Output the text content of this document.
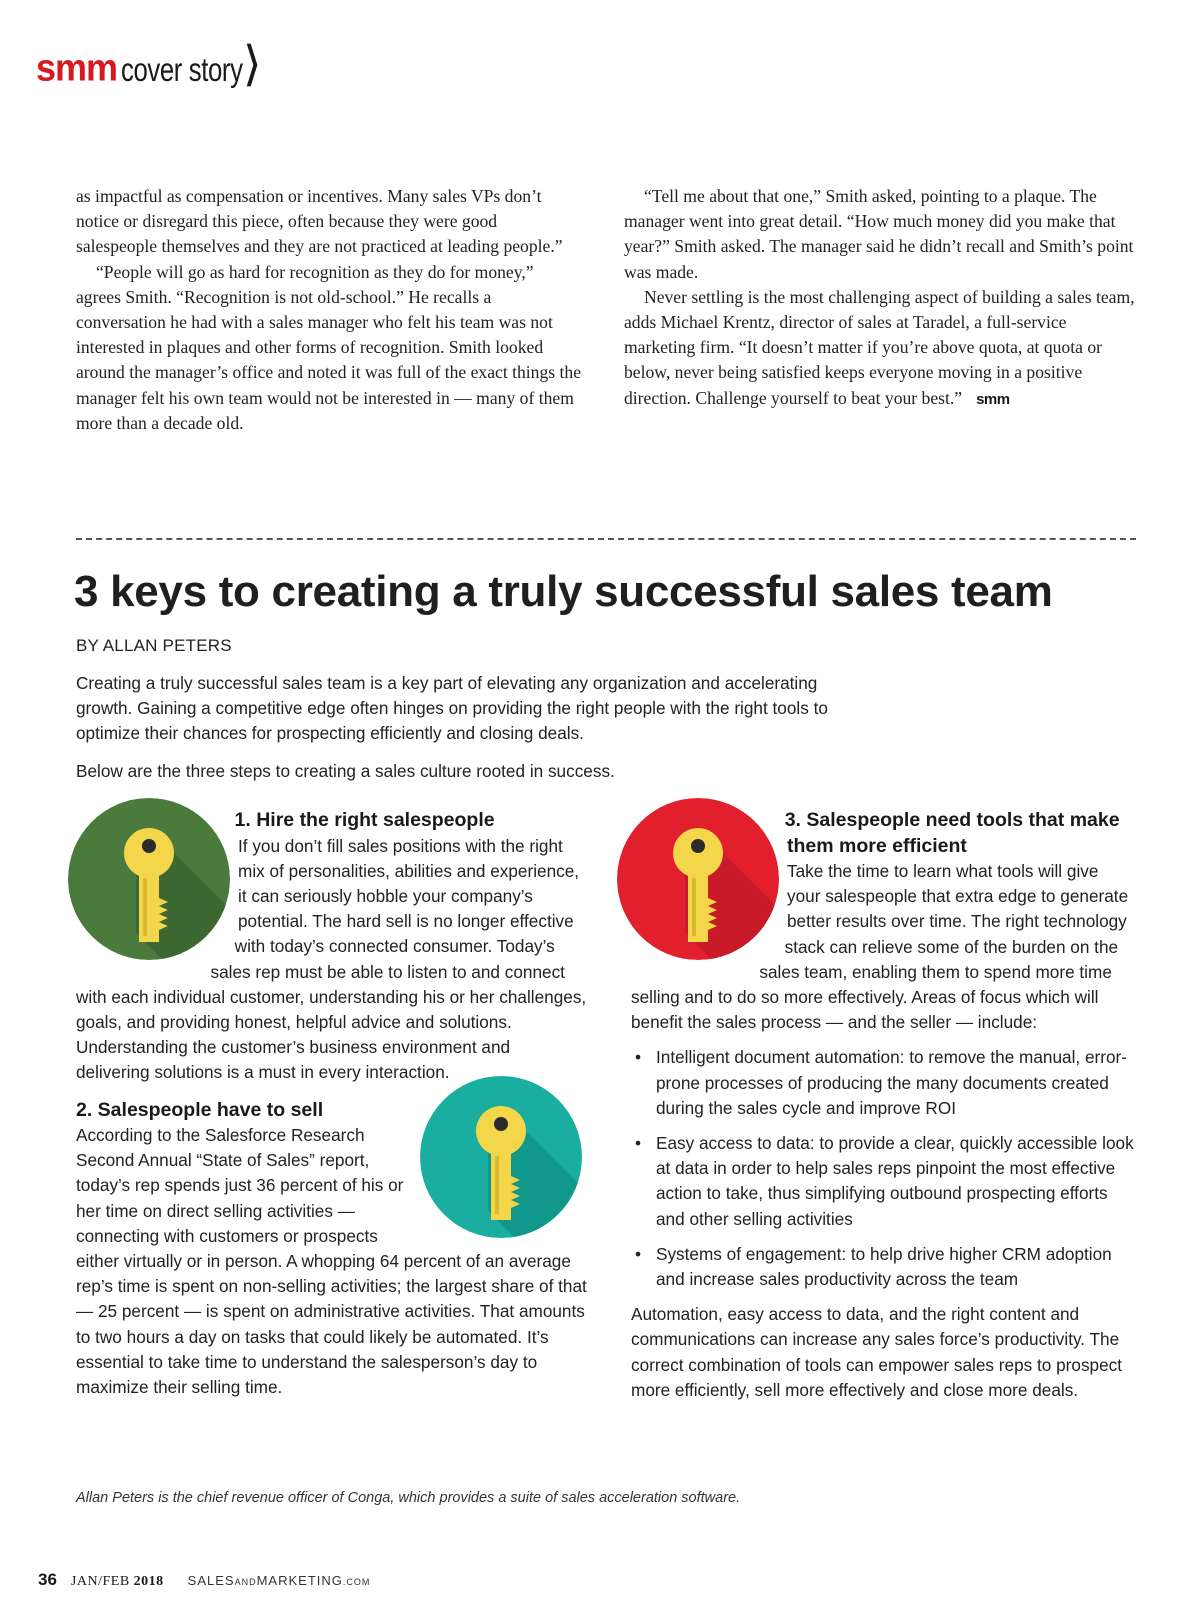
smm cover story ⟩

as impactful as compensation or incentives. Many sales VPs don’t notice or disregard this piece, often because they were good salespeople themselves and they are not practiced at leading people.”

“People will go as hard for recognition as they do for money,” agrees Smith. “Recognition is not old-school.” He recalls a conversation he had with a sales manager who felt his team was not interested in plaques and other forms of recognition. Smith looked around the manager’s office and noted it was full of the exact things the manager felt his own team would not be interested in — many of them more than a decade old.

“Tell me about that one,” Smith asked, pointing to a plaque. The manager went into great detail. “How much money did you make that year?” Smith asked. The manager said he didn’t recall and Smith’s point was made.

Never settling is the most challenging aspect of building a sales team, adds Michael Krentz, director of sales at Taradel, a full-service marketing firm. “It doesn’t matter if you’re above quota, at quota or below, never being satisfied keeps everyone moving in a positive direction. Challenge yourself to beat your best.” smm

3 keys to creating a truly successful sales team
BY ALLAN PETERS

Creating a truly successful sales team is a key part of elevating any organization and accelerating growth. Gaining a competitive edge often hinges on providing the right people with the right tools to optimize their chances for prospecting efficiently and closing deals.

Below are the three steps to creating a sales culture rooted in success.

1. Hire the right salespeople

If you don’t fill sales positions with the right mix of personalities, abilities and experience, it can seriously hobble your company’s potential. The hard sell is no longer effective with today’s connected consumer. Today’s sales rep must be able to listen to and connect with each individual customer, understanding his or her challenges, goals, and providing honest, helpful advice and solutions. Understanding the customer’s business environment and delivering solutions is a must in every interaction.

2. Salespeople have to sell

According to the Salesforce Research Second Annual “State of Sales” report, today’s rep spends just 36 percent of his or her time on direct selling activities — connecting with customers or prospects either virtually or in person. A whopping 64 percent of an average rep’s time is spent on non-selling activities; the largest share of that — 25 percent — is spent on administrative activities. That amounts to two hours a day on tasks that could likely be automated. It’s essential to take time to understand the salesperson’s day to maximize their selling time.

3. Salespeople need tools that make them more efficient

Take the time to learn what tools will give your salespeople that extra edge to generate better results over time. The right technology stack can relieve some of the burden on the sales team, enabling them to spend more time selling and to do so more effectively. Areas of focus which will benefit the sales process — and the seller — include:

• Intelligent document automation: to remove the manual, error-prone processes of producing the many documents created during the sales cycle and improve ROI
• Easy access to data: to provide a clear, quickly accessible look at data in order to help sales reps pinpoint the most effective action to take, thus simplifying outbound prospecting efforts and other selling activities
• Systems of engagement: to help drive higher CRM adoption and increase sales productivity across the team

Automation, easy access to data, and the right content and communications can increase any sales force’s productivity. The correct combination of tools can empower sales reps to prospect more efficiently, sell more effectively and close more deals.

Allan Peters is the chief revenue officer of Conga, which provides a suite of sales acceleration software.
36 JAN/FEB 2018 SALESANDMARKETING.COM
